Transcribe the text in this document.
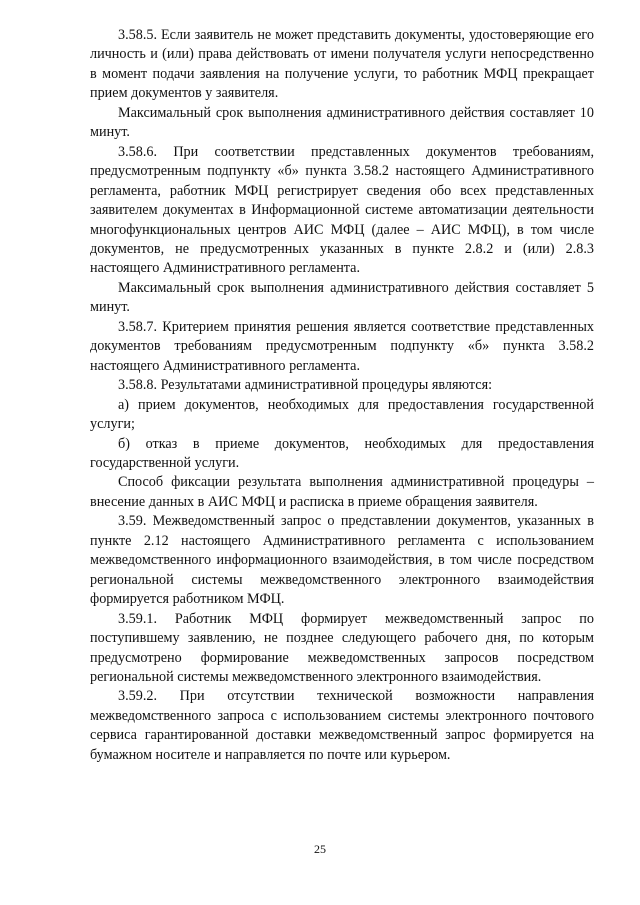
3.58.5. Если заявитель не может представить документы, удостоверяющие его личность и (или) права действовать от имени получателя услуги непосредственно в момент подачи заявления на получение услуги, то работник МФЦ прекращает прием документов у заявителя.

Максимальный срок выполнения административного действия составляет 10 минут.

3.58.6. При соответствии представленных документов требованиям, предусмотренным подпункту «б» пункта 3.58.2 настоящего Административного регламента, работник МФЦ регистрирует сведения обо всех представленных заявителем документах в Информационной системе автоматизации деятельности многофункциональных центров АИС МФЦ (далее – АИС МФЦ), в том числе документов, не предусмотренных указанных в пункте 2.8.2 и (или) 2.8.3 настоящего Административного регламента.

Максимальный срок выполнения административного действия составляет 5 минут.

3.58.7. Критерием принятия решения является соответствие представленных документов требованиям предусмотренным подпункту «б» пункта 3.58.2 настоящего Административного регламента.

3.58.8. Результатами административной процедуры являются:

а) прием документов, необходимых для предоставления государственной услуги;

б) отказ в приеме документов, необходимых для предоставления государственной услуги.

Способ фиксации результата выполнения административной процедуры – внесение данных в АИС МФЦ и расписка в приеме обращения заявителя.

3.59. Межведомственный запрос о представлении документов, указанных в пункте 2.12 настоящего Административного регламента с использованием межведомственного информационного взаимодействия, в том числе посредством региональной системы межведомственного электронного взаимодействия формируется работником МФЦ.

3.59.1. Работник МФЦ формирует межведомственный запрос по поступившему заявлению, не позднее следующего рабочего дня, по которым предусмотрено формирование межведомственных запросов посредством региональной системы межведомственного электронного взаимодействия.

3.59.2. При отсутствии технической возможности направления межведомственного запроса с использованием системы электронного почтового сервиса гарантированной доставки межведомственный запрос формируется на бумажном носителе и направляется по почте или курьером.

25
